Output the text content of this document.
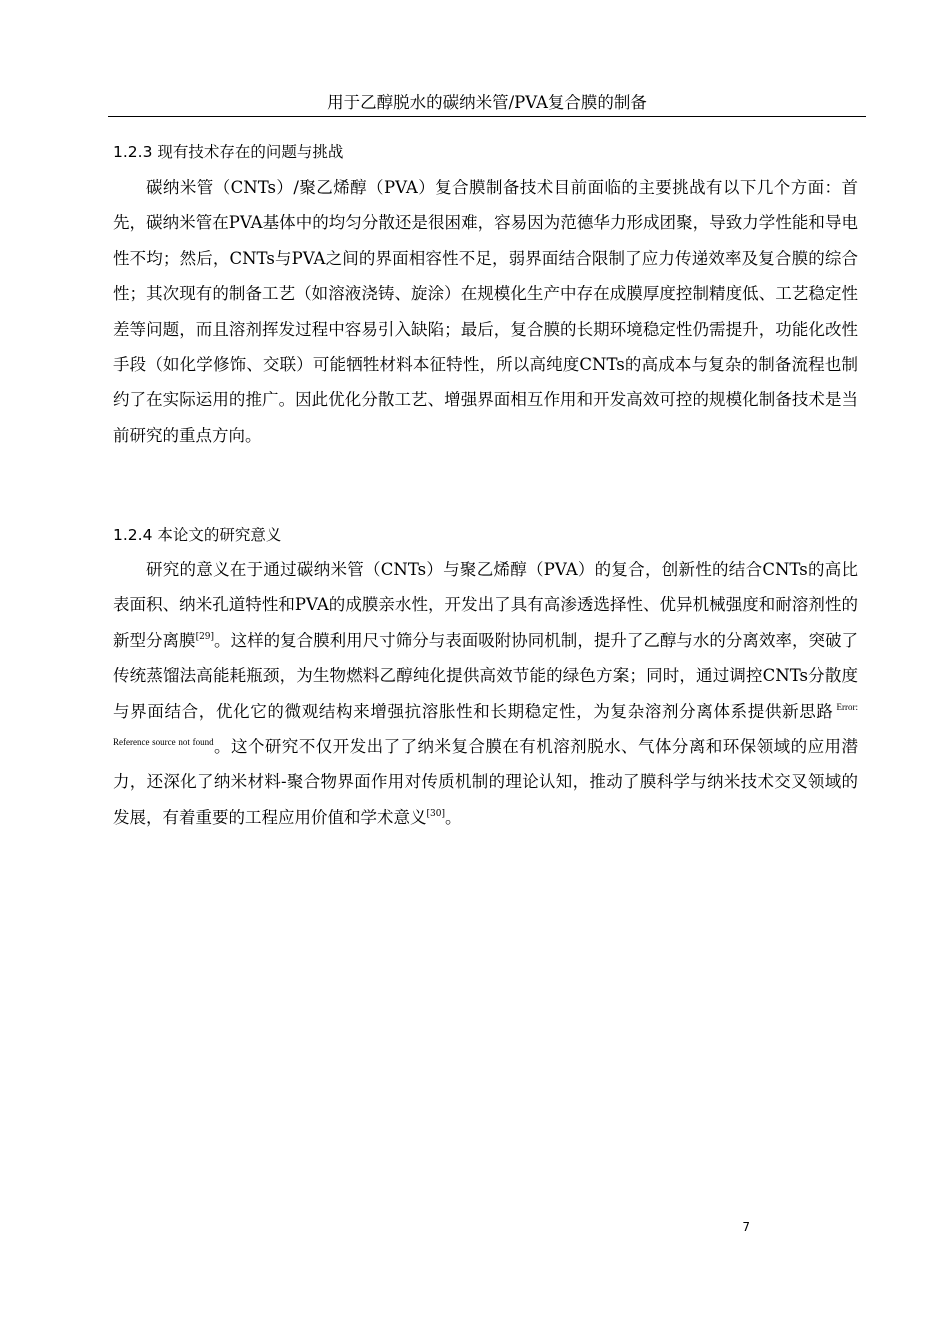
用于乙醇脱水的碳纳米管/PVA复合膜的制备
1.2.3 现有技术存在的问题与挑战

碳纳米管（CNTs）/聚乙烯醇（PVA）复合膜制备技术目前面临的主要挑战有以下几个方面：首先，碳纳米管在PVA基体中的均匀分散还是很困难，容易因为范德华力形成团聚，导致力学性能和导电性不均；然后，CNTs与PVA之间的界面相容性不足，弱界面结合限制了应力传递效率及复合膜的综合性；其次现有的制备工艺（如溶液浇铸、旋涂）在规模化生产中存在成膜厚度控制精度低、工艺稳定性差等问题，而且溶剂挥发过程中容易引入缺陷；最后，复合膜的长期环境稳定性仍需提升，功能化改性手段（如化学修饰、交联）可能牺牲材料本征特性，所以高纯度CNTs的高成本与复杂的制备流程也制约了在实际运用的推广。因此优化分散工艺、增强界面相互作用和开发高效可控的规模化制备技术是当前研究的重点方向。

1.2.4 本论文的研究意义

研究的意义在于通过碳纳米管（CNTs）与聚乙烯醇（PVA）的复合，创新性的结合CNTs的高比表面积、纳米孔道特性和PVA的成膜亲水性，开发出了具有高渗透选择性、优异机械强度和耐溶剂性的新型分离膜[29]。这样的复合膜利用尺寸筛分与表面吸附协同机制，提升了乙醇与水的分离效率，突破了传统蒸馏法高能耗瓶颈，为生物燃料乙醇纯化提供高效节能的绿色方案；同时，通过调控CNTs分散度与界面结合，优化它的微观结构来增强抗溶胀性和长期稳定性，为复杂溶剂分离体系提供新思路 $^{Error: Reference source not found}$。这个研究不仅开发出了了纳米复合膜在有机溶剂脱水、气体分离和环保领域的应用潜力，还深化了纳米材料-聚合物界面作用对传质机制的理论认知，推动了膜科学与纳米技术交叉领域的发展，有着重要的工程应用价值和学术意义[30]。

7
